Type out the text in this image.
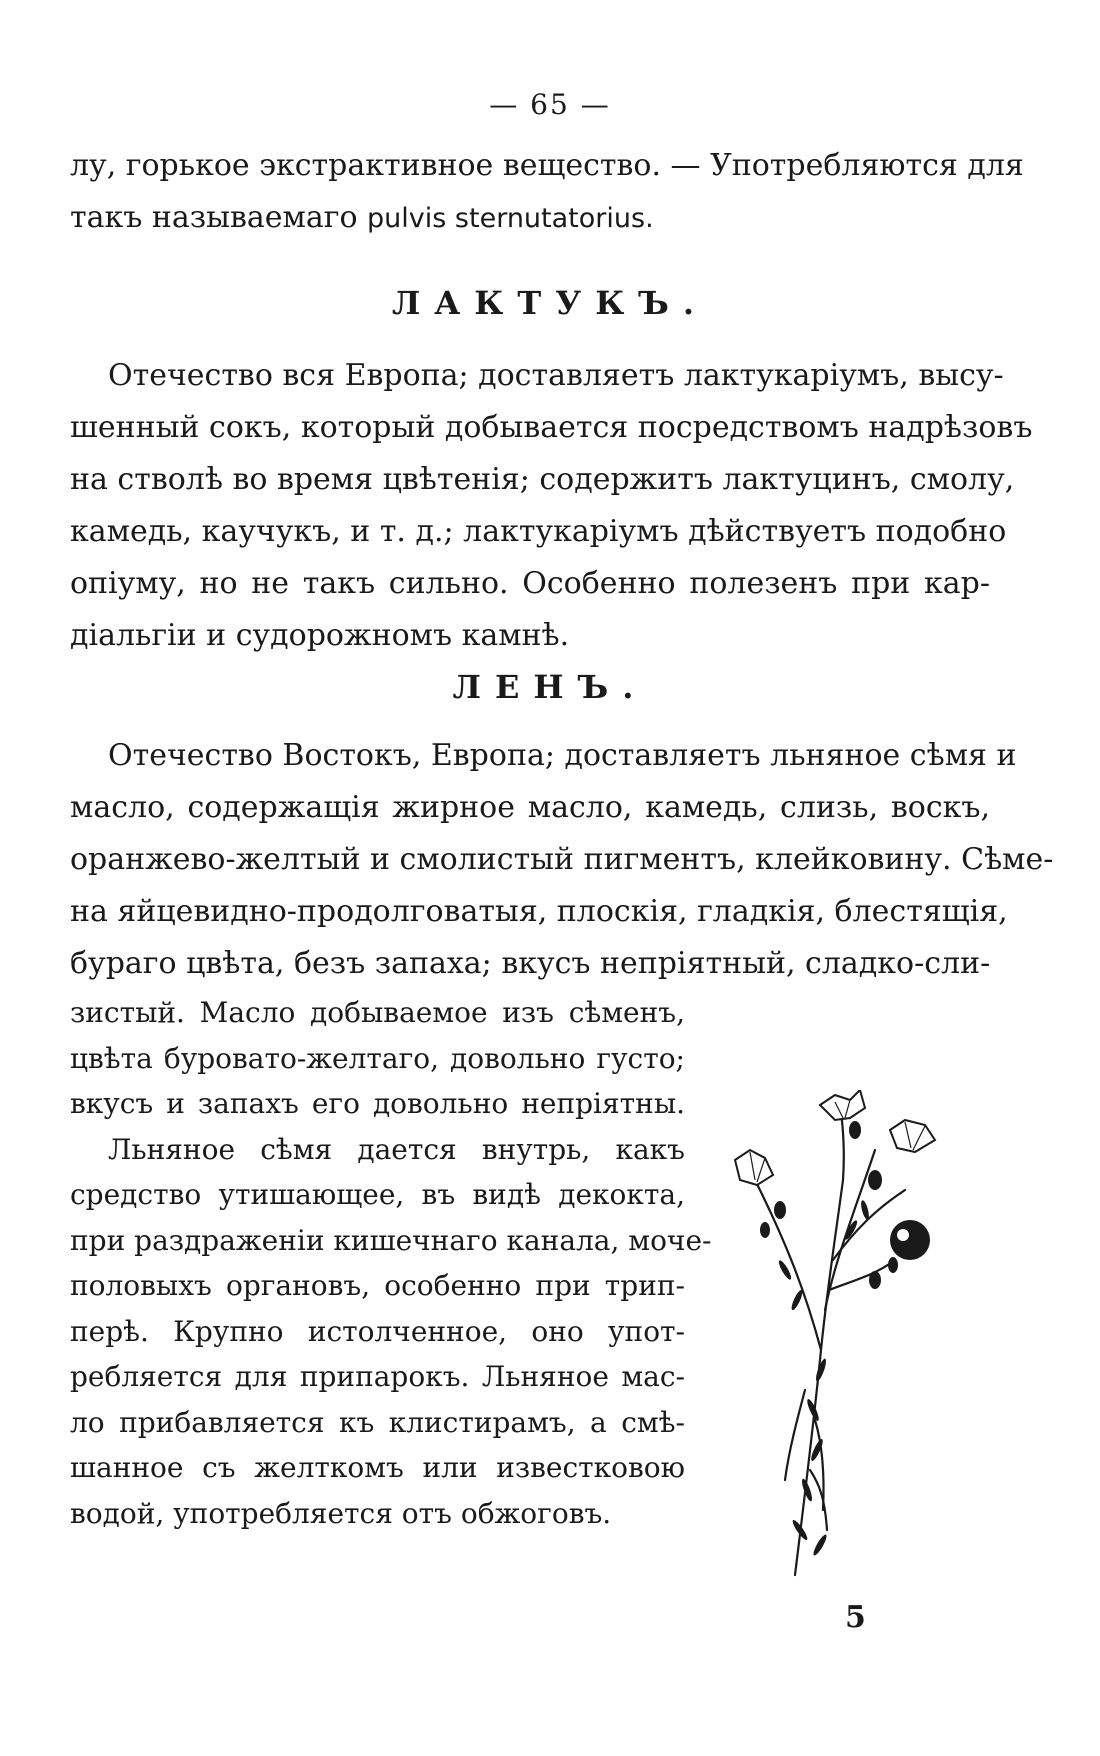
— 65 —
лу, горькое экстрактивное вещество. — Употребляются для
такъ называемаго pulvis sternutatorius.
ЛАКТУКЪ.
Отечество вся Европа; доставляетъ лактукаріумъ, высу-
шенный сокъ, который добывается посредствомъ надрѣзовъ
на стволѣ во время цвѣтенія; содержитъ лактуцинъ, смолу,
камедь, каучукъ, и т. д.; лактукаріумъ дѣйствуетъ подобно
опіуму, но не такъ сильно. Особенно полезенъ при кар-
діальгіи и судорожномъ камнѣ.
ЛЕНЪ.
Отечество Востокъ, Европа; доставляетъ льняное сѣмя и
масло, содержащія жирное масло, камедь, слизь, воскъ,
оранжево-желтый и смолистый пигментъ, клейковину. Сѣме-
на яйцевидно-продолговатыя, плоскія, гладкія, блестящія,
бураго цвѣта, безъ запаха; вкусъ непріятный, сладко-сли-
зистый. Масло добываемое изъ сѣменъ,
цвѣта буровато-желтаго, довольно густо;
вкусъ и запахъ его довольно непріятны.
Льняное сѣмя дается внутрь, какъ
средство утишающее, въ видѣ декокта,
при раздраженіи кишечнаго канала, моче-
половыхъ органовъ, особенно при трип-
перѣ. Крупно истолченное, оно упот-
ребляется для припарокъ. Льняное мас-
ло прибавляется къ клистирамъ, а смѣ-
шанное съ желткомъ или известковою
водой, употребляется отъ обжоговъ.
5
